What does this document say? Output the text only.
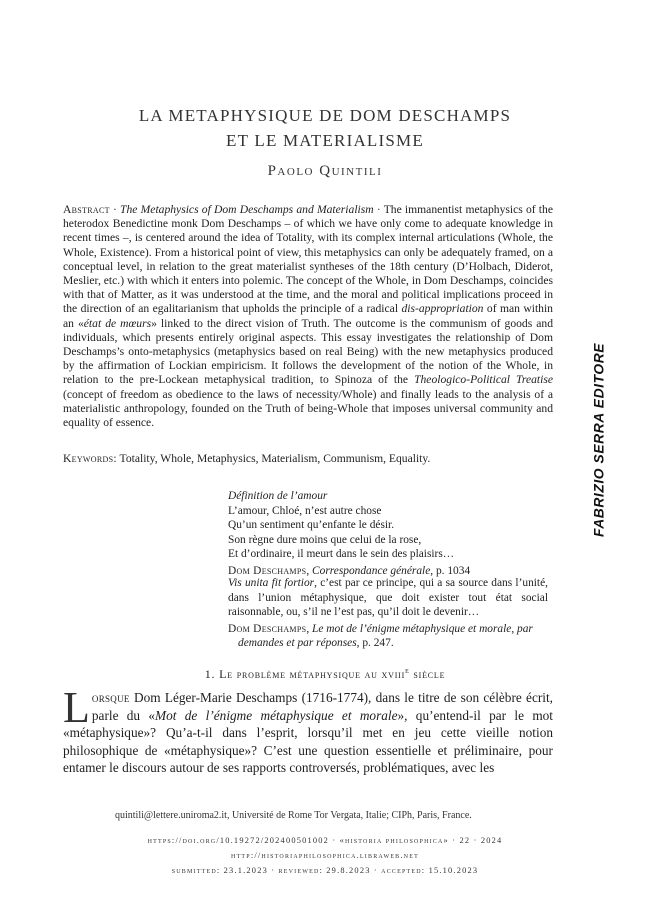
LA METAPHYSIQUE DE DOM DESCHAMPS
ET LE MATERIALISME
Paolo Quintili
Abstract · The Metaphysics of Dom Deschamps and Materialism · The immanentist metaphysics of the heterodox Benedictine monk Dom Deschamps – of which we have only come to adequate knowledge in recent times –, is centered around the idea of Totality, with its complex internal articulations (Whole, the Whole, Existence). From a historical point of view, this metaphysics can only be adequately framed, on a conceptual level, in relation to the great materialist syntheses of the 18th century (D’Holbach, Diderot, Meslier, etc.) with which it enters into polemic. The concept of the Whole, in Dom Deschamps, coincides with that of Matter, as it was understood at the time, and the moral and political implications proceed in the direction of an egalitarianism that upholds the principle of a radical dis-appropriation of man within an «état de mœurs» linked to the direct vision of Truth. The outcome is the communism of goods and individuals, which presents entirely original aspects. This essay investigates the relationship of Dom Deschamps’s onto-metaphysics (metaphysics based on real Being) with the new metaphysics produced by the affirmation of Lockian empiricism. It follows the development of the notion of the Whole, in relation to the pre-Lockean metaphysical tradition, to Spinoza of the Theologico-Political Treatise (concept of freedom as obedience to the laws of necessity/Whole) and finally leads to the analysis of a materialistic anthropology, founded on the Truth of being-Whole that imposes universal community and equality of essence.
Keywords: Totality, Whole, Metaphysics, Materialism, Communism, Equality.
Définition de l’amour
L’amour, Chloé, n’est autre chose
Qu’un sentiment qu’enfante le désir.
Son règne dure moins que celui de la rose,
Et d’ordinaire, il meurt dans le sein des plaisirs…
Dom Deschamps, Correspondance générale, p. 1034
Vis unita fit fortior, c’est par ce principe, qui a sa source dans l’unité, dans l’union métaphysique, que doit exister tout état social raisonnable, ou, s’il ne l’est pas, qu’il doit le devenir…
Dom Deschamps, Le mot de l’énigme métaphysique et morale, par demandes et par réponses, p. 247.
1. Le problème métaphysique au xviii$^e$ siècle
Lorsque Dom Léger-Marie Deschamps (1716-1774), dans le titre de son célèbre écrit, parle du «Mot de l’énigme métaphysique et morale», qu’entend-il par le mot «métaphysique»? Qu’a-t-il dans l’esprit, lorsqu’il met en jeu cette vieille notion philosophique de «métaphysique»? C’est une question essentielle et préliminaire, pour entamer le discours autour de ses rapports controversés, problématiques, avec les
quintili@lettere.uniroma2.it, Université de Rome Tor Vergata, Italie; CIPh, Paris, France.
https://doi.org/10.19272/202400501002 · «historia philosophica» · 22 · 2024
http://historiaphilosophica.libraweb.net
submitted: 23.1.2023 · reviewed: 29.8.2023 · accepted: 15.10.2023
FABRIZIO SERRA EDITORE
